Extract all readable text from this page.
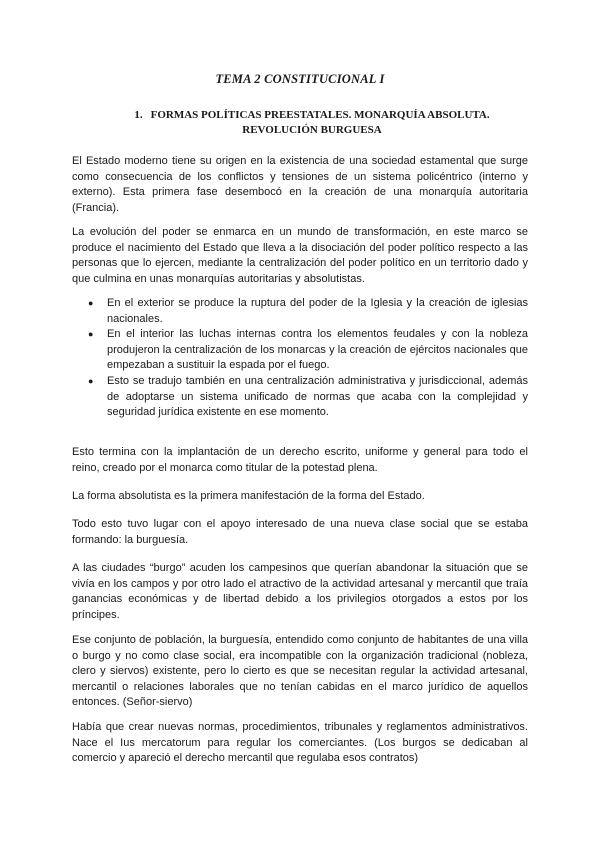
TEMA 2 CONSTITUCIONAL I
1. FORMAS POLÍTICAS PREESTATALES. MONARQUÍA ABSOLUTA. REVOLUCIÓN BURGUESA

El Estado moderno tiene su origen en la existencia de una sociedad estamental que surge como consecuencia de los conflictos y tensiones de un sistema policéntrico (interno y externo). Esta primera fase desembocó en la creación de una monarquía autoritaria (Francia).

La evolución del poder se enmarca en un mundo de transformación, en este marco se produce el nacimiento del Estado que lleva a la disociación del poder político respecto a las personas que lo ejercen, mediante la centralización del poder político en un territorio dado y que culmina en unas monarquías autoritarias y absolutistas.

● En el exterior se produce la ruptura del poder de la Iglesia y la creación de iglesias nacionales.
● En el interior las luchas internas contra los elementos feudales y con la nobleza produjeron la centralización de los monarcas y la creación de ejércitos nacionales que empezaban a sustituir la espada por el fuego.
● Esto se tradujo también en una centralización administrativa y jurisdiccional, además de adoptarse un sistema unificado de normas que acaba con la complejidad y seguridad jurídica existente en ese momento.

Esto termina con la implantación de un derecho escrito, uniforme y general para todo el reino, creado por el monarca como titular de la potestad plena.

La forma absolutista es la primera manifestación de la forma del Estado.

Todo esto tuvo lugar con el apoyo interesado de una nueva clase social que se estaba formando: la burguesía.

A las ciudades “burgo” acuden los campesinos que querían abandonar la situación que se vivía en los campos y por otro lado el atractivo de la actividad artesanal y mercantil que traía ganancias económicas y de libertad debido a los privilegios otorgados a estos por los príncipes.

Ese conjunto de población, la burguesía, entendido como conjunto de habitantes de una villa o burgo y no como clase social, era incompatible con la organización tradicional (nobleza, clero y siervos) existente, pero lo cierto es que se necesitan regular la actividad artesanal, mercantil o relaciones laborales que no tenían cabidas en el marco jurídico de aquellos entonces. (Señor-siervo)

Había que crear nuevas normas, procedimientos, tribunales y reglamentos administrativos. Nace el Ius mercatorum para regular los comerciantes. (Los burgos se dedicaban al comercio y apareció el derecho mercantil que regulaba esos contratos)
